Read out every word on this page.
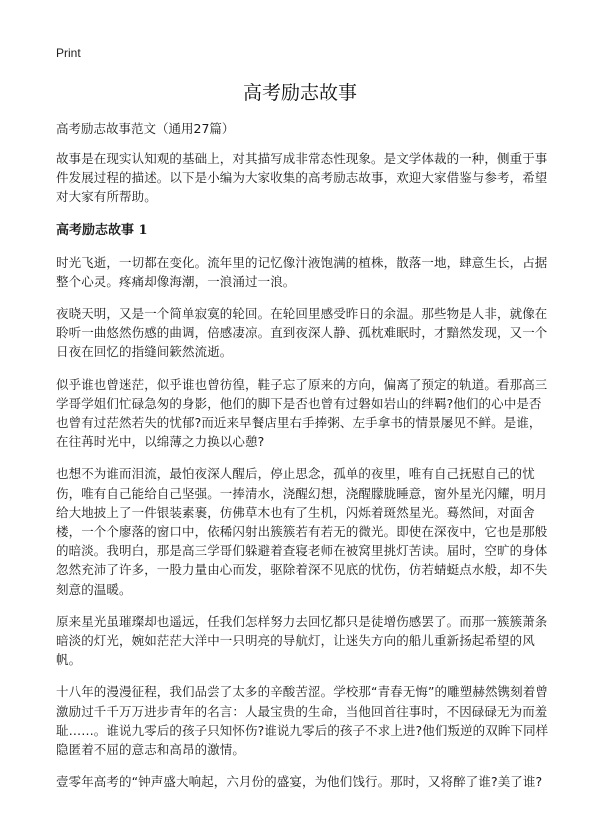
Print
高考励志故事

高考励志故事范文（通用27篇）

故事是在现实认知观的基础上，对其描写成非常态性现象。是文学体裁的一种，侧重于事件发展过程的描述。以下是小编为大家收集的高考励志故事，欢迎大家借鉴与参考，希望对大家有所帮助。

高考励志故事 1

时光飞逝，一切都在变化。流年里的记忆像汁液饱满的植株，散落一地，肆意生长，占据整个心灵。疼痛却像海潮，一浪涌过一浪。

夜晓天明，又是一个简单寂寞的轮回。在轮回里感受昨日的余温。那些物是人非，就像在聆听一曲悠然伤感的曲调，倍感凄凉。直到夜深人静、孤枕难眠时，才黯然发现，又一个日夜在回忆的指缝间簌然流逝。

似乎谁也曾迷茫，似乎谁也曾彷徨，鞋子忘了原来的方向，偏离了预定的轨道。看那高三学哥学姐们忙碌急匆的身影，他们的脚下是否也曾有过磐如岩山的绊羁?他们的心中是否也曾有过茫然若失的忧郁?而近来早餐店里右手捧粥、左手拿书的情景屡见不鲜。是谁，在往苒时光中，以绵薄之力换以心憩?

也想不为谁而泪流，最怕夜深人醒后，停止思念，孤单的夜里，唯有自己抚慰自己的忧伤，唯有自己能给自己坚强。一捧清水，浇醒幻想，浇醒朦胧睡意，窗外星光闪耀，明月给大地披上了一件银装素裹，仿佛草木也有了生机，闪烁着斑然星光。蓦然间，对面舍楼，一个个廖落的窗口中，依稀闪射出簇簇若有若无的微光。即使在深夜中，它也是那般的暗淡。我明白，那是高三学哥们躲避着查寝老师在被窝里挑灯苦读。届时，空旷的身体忽然充沛了许多，一股力量由心而发，驱除着深不见底的忧伤，仿若蜻蜓点水般，却不失刻意的温暖。

原来星光虽璀璨却也遥远，任我们怎样努力去回忆都只是徒增伤感罢了。而那一簇簇萧条暗淡的灯光，婉如茫茫大洋中一只明亮的导航灯，让迷失方向的船儿重新扬起希望的风帆。

十八年的漫漫征程，我们品尝了太多的辛酸苦涩。学校那“青春无悔”的雕塑赫然镌刻着曾激励过千千万万进步青年的名言：人最宝贵的生命，当他回首往事时，不因碌碌无为而羞耻……。谁说九零后的孩子只知怀伤?谁说九零后的孩子不求上进?他们叛逆的双眸下同样隐匿着不屈的意志和高昂的激情。

壹零年高考的“钟声盛大响起，六月份的盛宴，为他们饯行。那时，又将醉了谁?美了谁?
